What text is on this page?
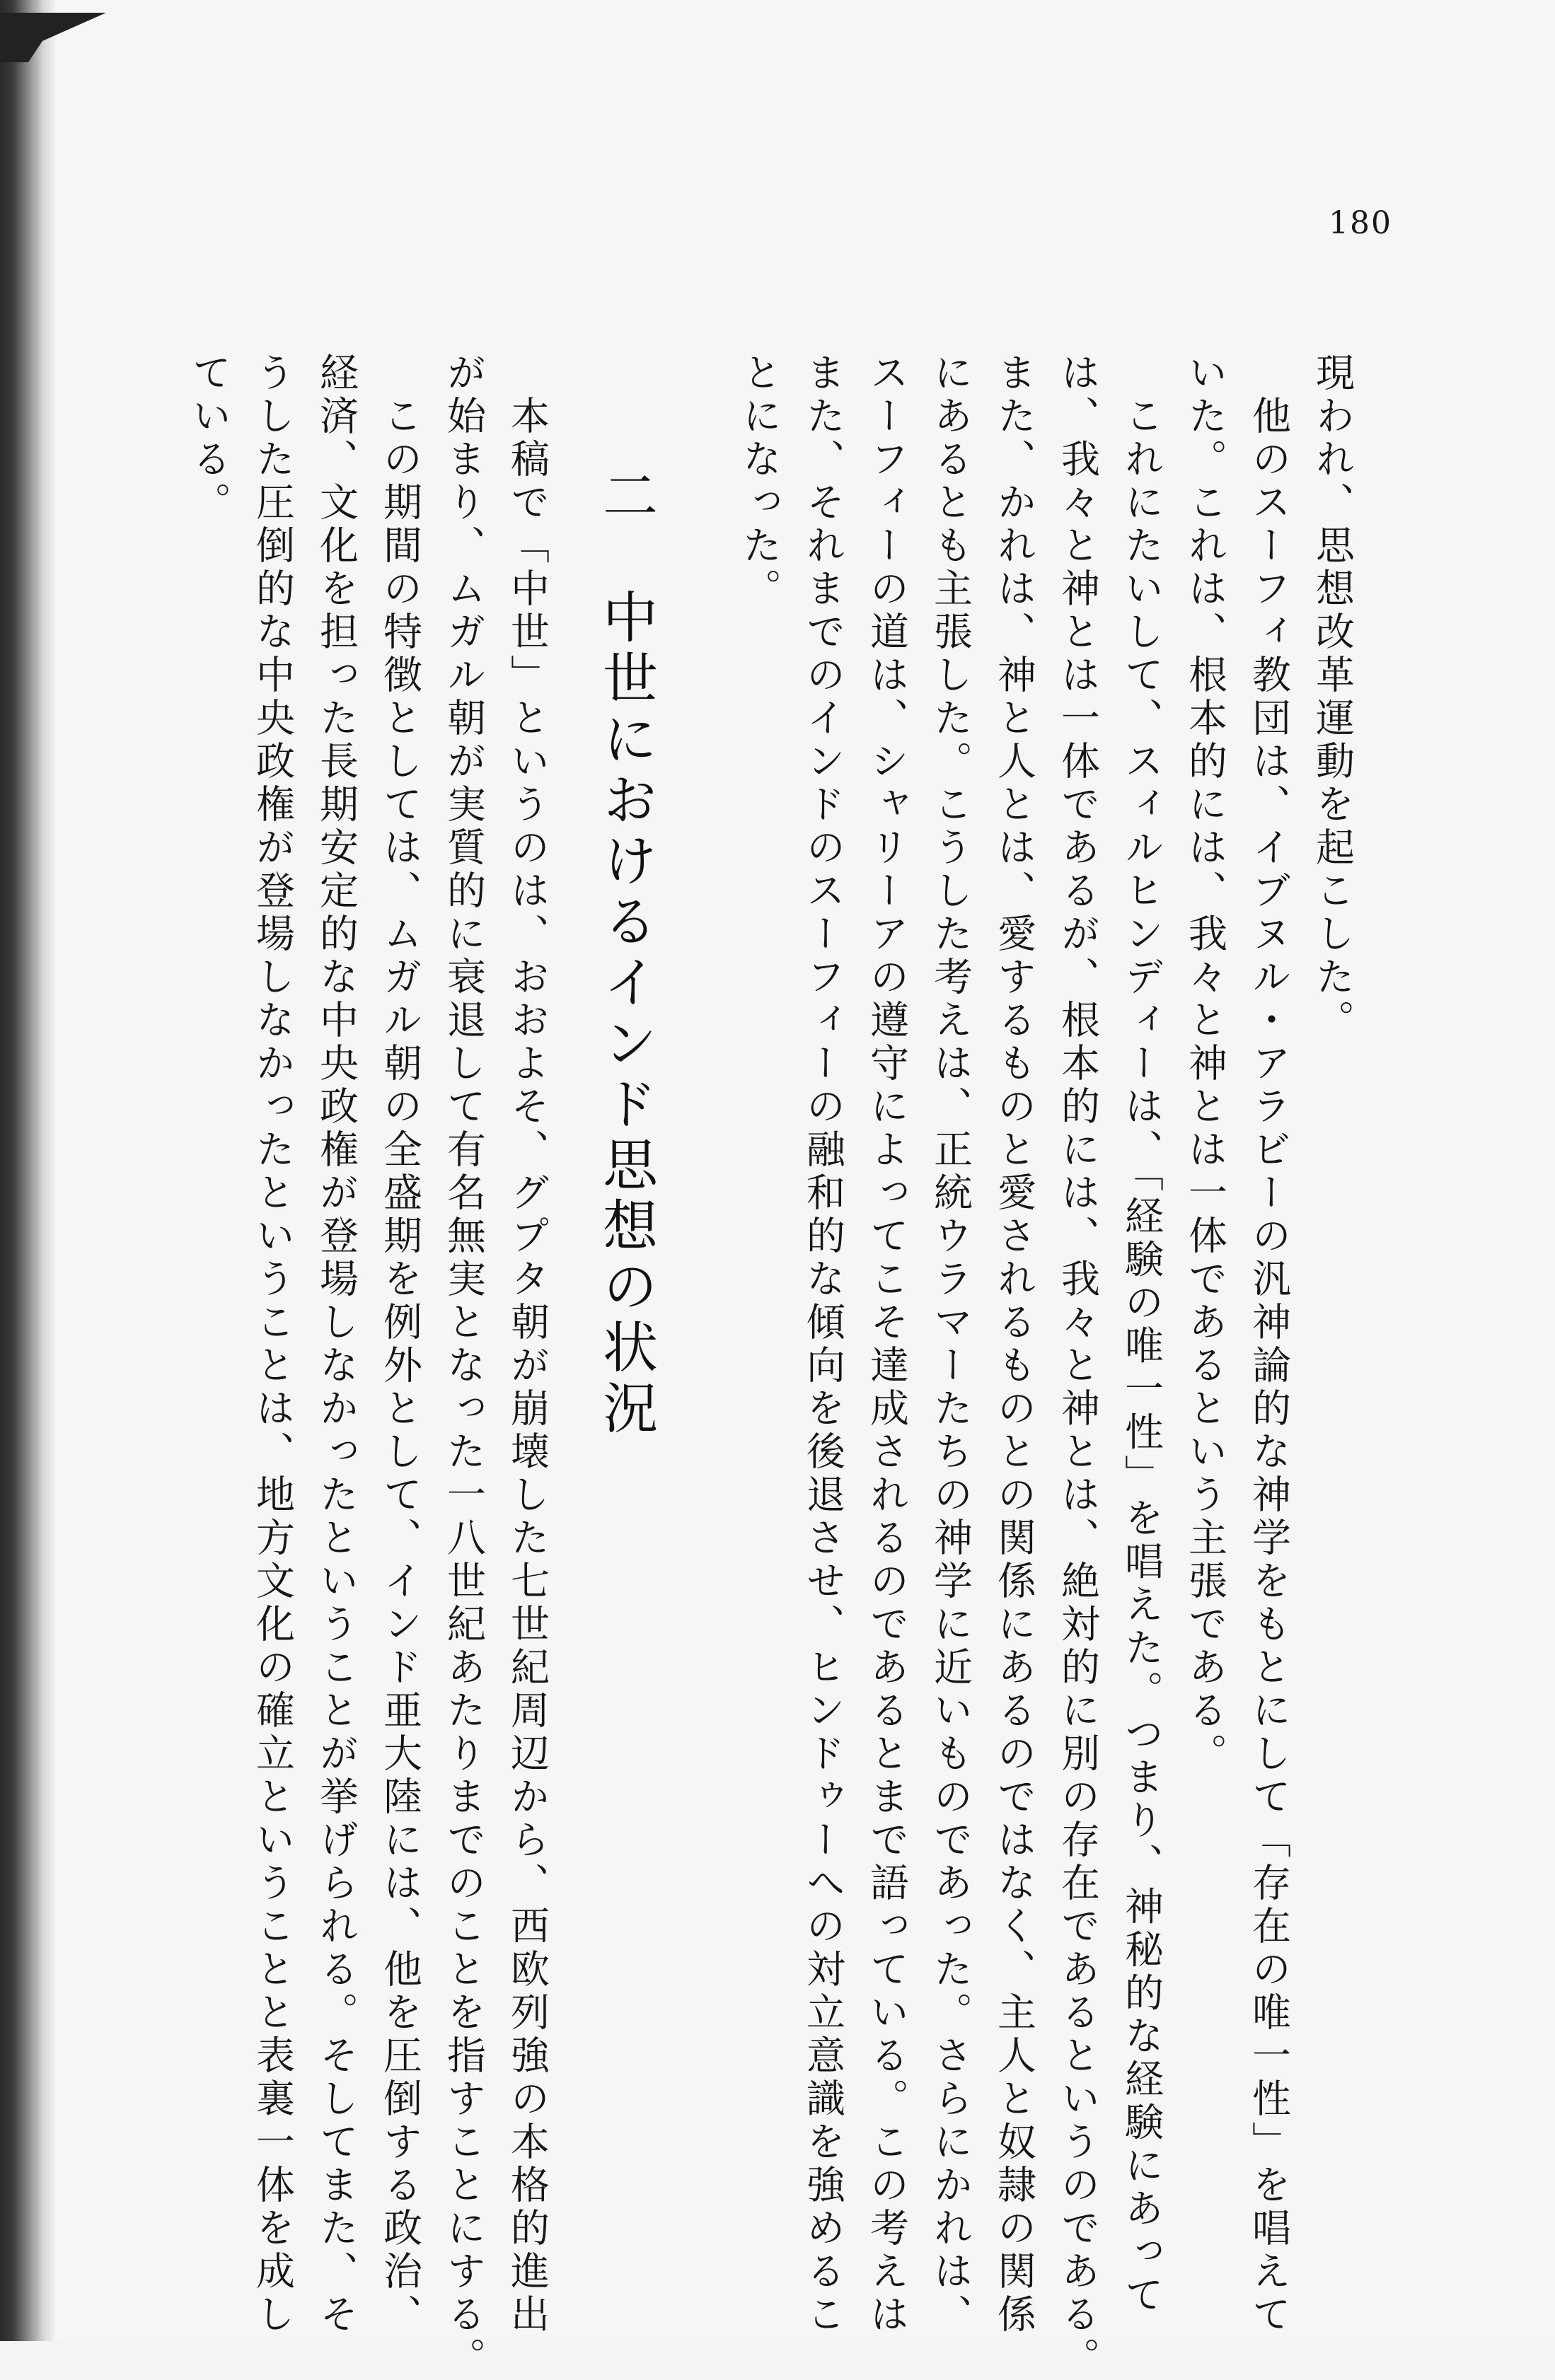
180
現われ、思想改革運動を起こした。
　他のスーフィ教団は、イブヌル・アラビーの汎神論的な神学をもとにして「存在の唯一性」を唱えて
いた。これは、根本的には、我々と神とは一体であるという主張である。
　これにたいして、スィルヒンディーは、「経験の唯一性」を唱えた。つまり、神秘的な経験にあって
は、我々と神とは一体であるが、根本的には、我々と神とは、絶対的に別の存在であるというのである。
また、かれは、神と人とは、愛するものと愛されるものとの関係にあるのではなく、主人と奴隷の関係
にあるとも主張した。こうした考えは、正統ウラマーたちの神学に近いものであった。さらにかれは、
スーフィーの道は、シャリーアの遵守によってこそ達成されるのであるとまで語っている。この考えは
また、それまでのインドのスーフィーの融和的な傾向を後退させ、ヒンドゥーへの対立意識を強めるこ
とになった。
二　中世におけるインド思想の状況
　本稿で「中世」というのは、おおよそ、グプタ朝が崩壊した七世紀周辺から、西欧列強の本格的進出
が始まり、ムガル朝が実質的に衰退して有名無実となった一八世紀あたりまでのことを指すことにする。
　この期間の特徴としては、ムガル朝の全盛期を例外として、インド亜大陸には、他を圧倒する政治、
経済、文化を担った長期安定的な中央政権が登場しなかったということが挙げられる。そしてまた、そ
うした圧倒的な中央政権が登場しなかったということは、地方文化の確立ということと表裏一体を成し
ている。
